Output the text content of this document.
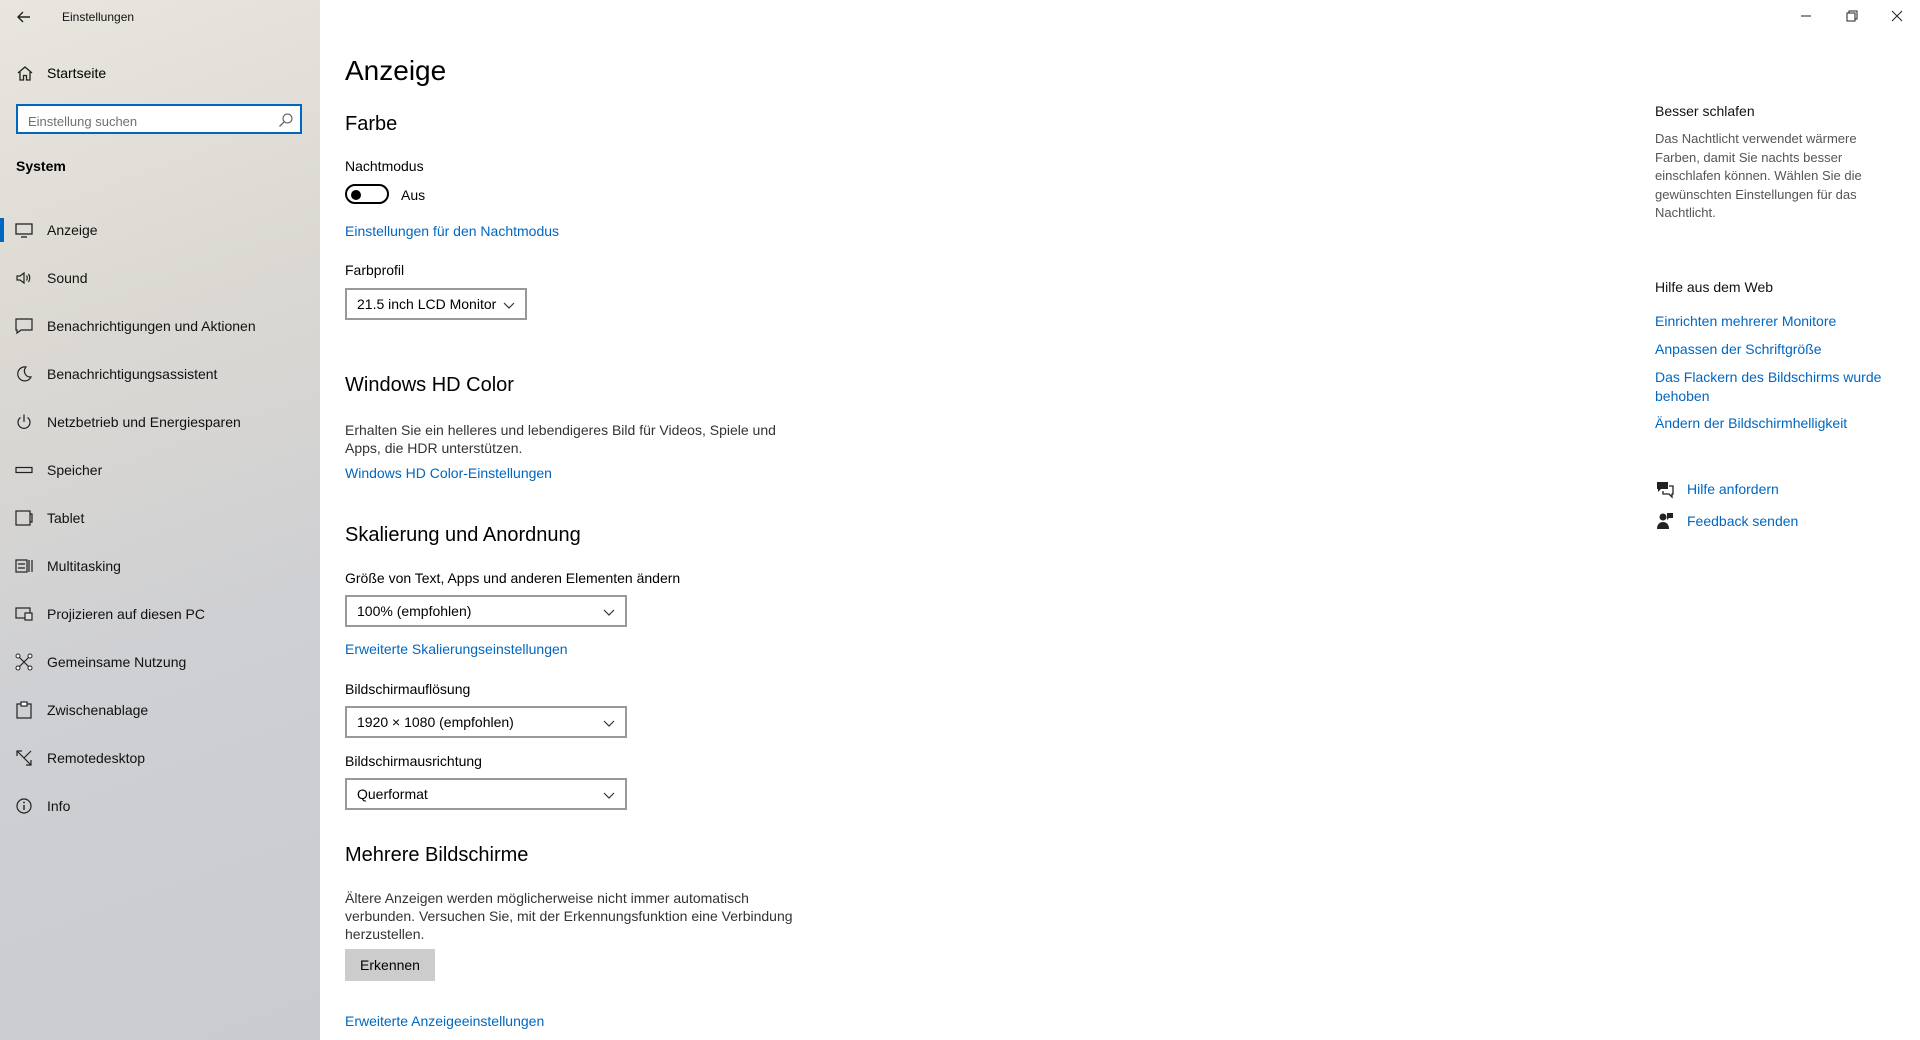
Einstellungen
Startseite
Einstellung suchen
System
Anzeige
Sound
Benachrichtigungen und Aktionen
Benachrichtigungsassistent
Netzbetrieb und Energiesparen
Speicher
Tablet
Multitasking
Projizieren auf diesen PC
Gemeinsame Nutzung
Zwischenablage
Remotedesktop
Info
Anzeige
Farbe
Nachtmodus
Aus
Einstellungen für den Nachtmodus
Farbprofil
21.5 inch LCD Monitor
Windows HD Color
Erhalten Sie ein helleres und lebendigeres Bild für Videos, Spiele und Apps, die HDR unterstützen.
Windows HD Color-Einstellungen
Skalierung und Anordnung
Größe von Text, Apps und anderen Elementen ändern
100% (empfohlen)
Erweiterte Skalierungseinstellungen
Bildschirmauflösung
1920 × 1080 (empfohlen)
Bildschirmausrichtung
Querformat
Mehrere Bildschirme
Ältere Anzeigen werden möglicherweise nicht immer automatisch verbunden. Versuchen Sie, mit der Erkennungsfunktion eine Verbindung herzustellen.
Erkennen
Erweiterte Anzeigeeinstellungen
Besser schlafen
Das Nachtlicht verwendet wärmere Farben, damit Sie nachts besser einschlafen können. Wählen Sie die gewünschten Einstellungen für das Nachtlicht.
Hilfe aus dem Web
Einrichten mehrerer Monitore
Anpassen der Schriftgröße
Das Flackern des Bildschirms wurde behoben
Ändern der Bildschirmhelligkeit
Hilfe anfordern
Feedback senden
